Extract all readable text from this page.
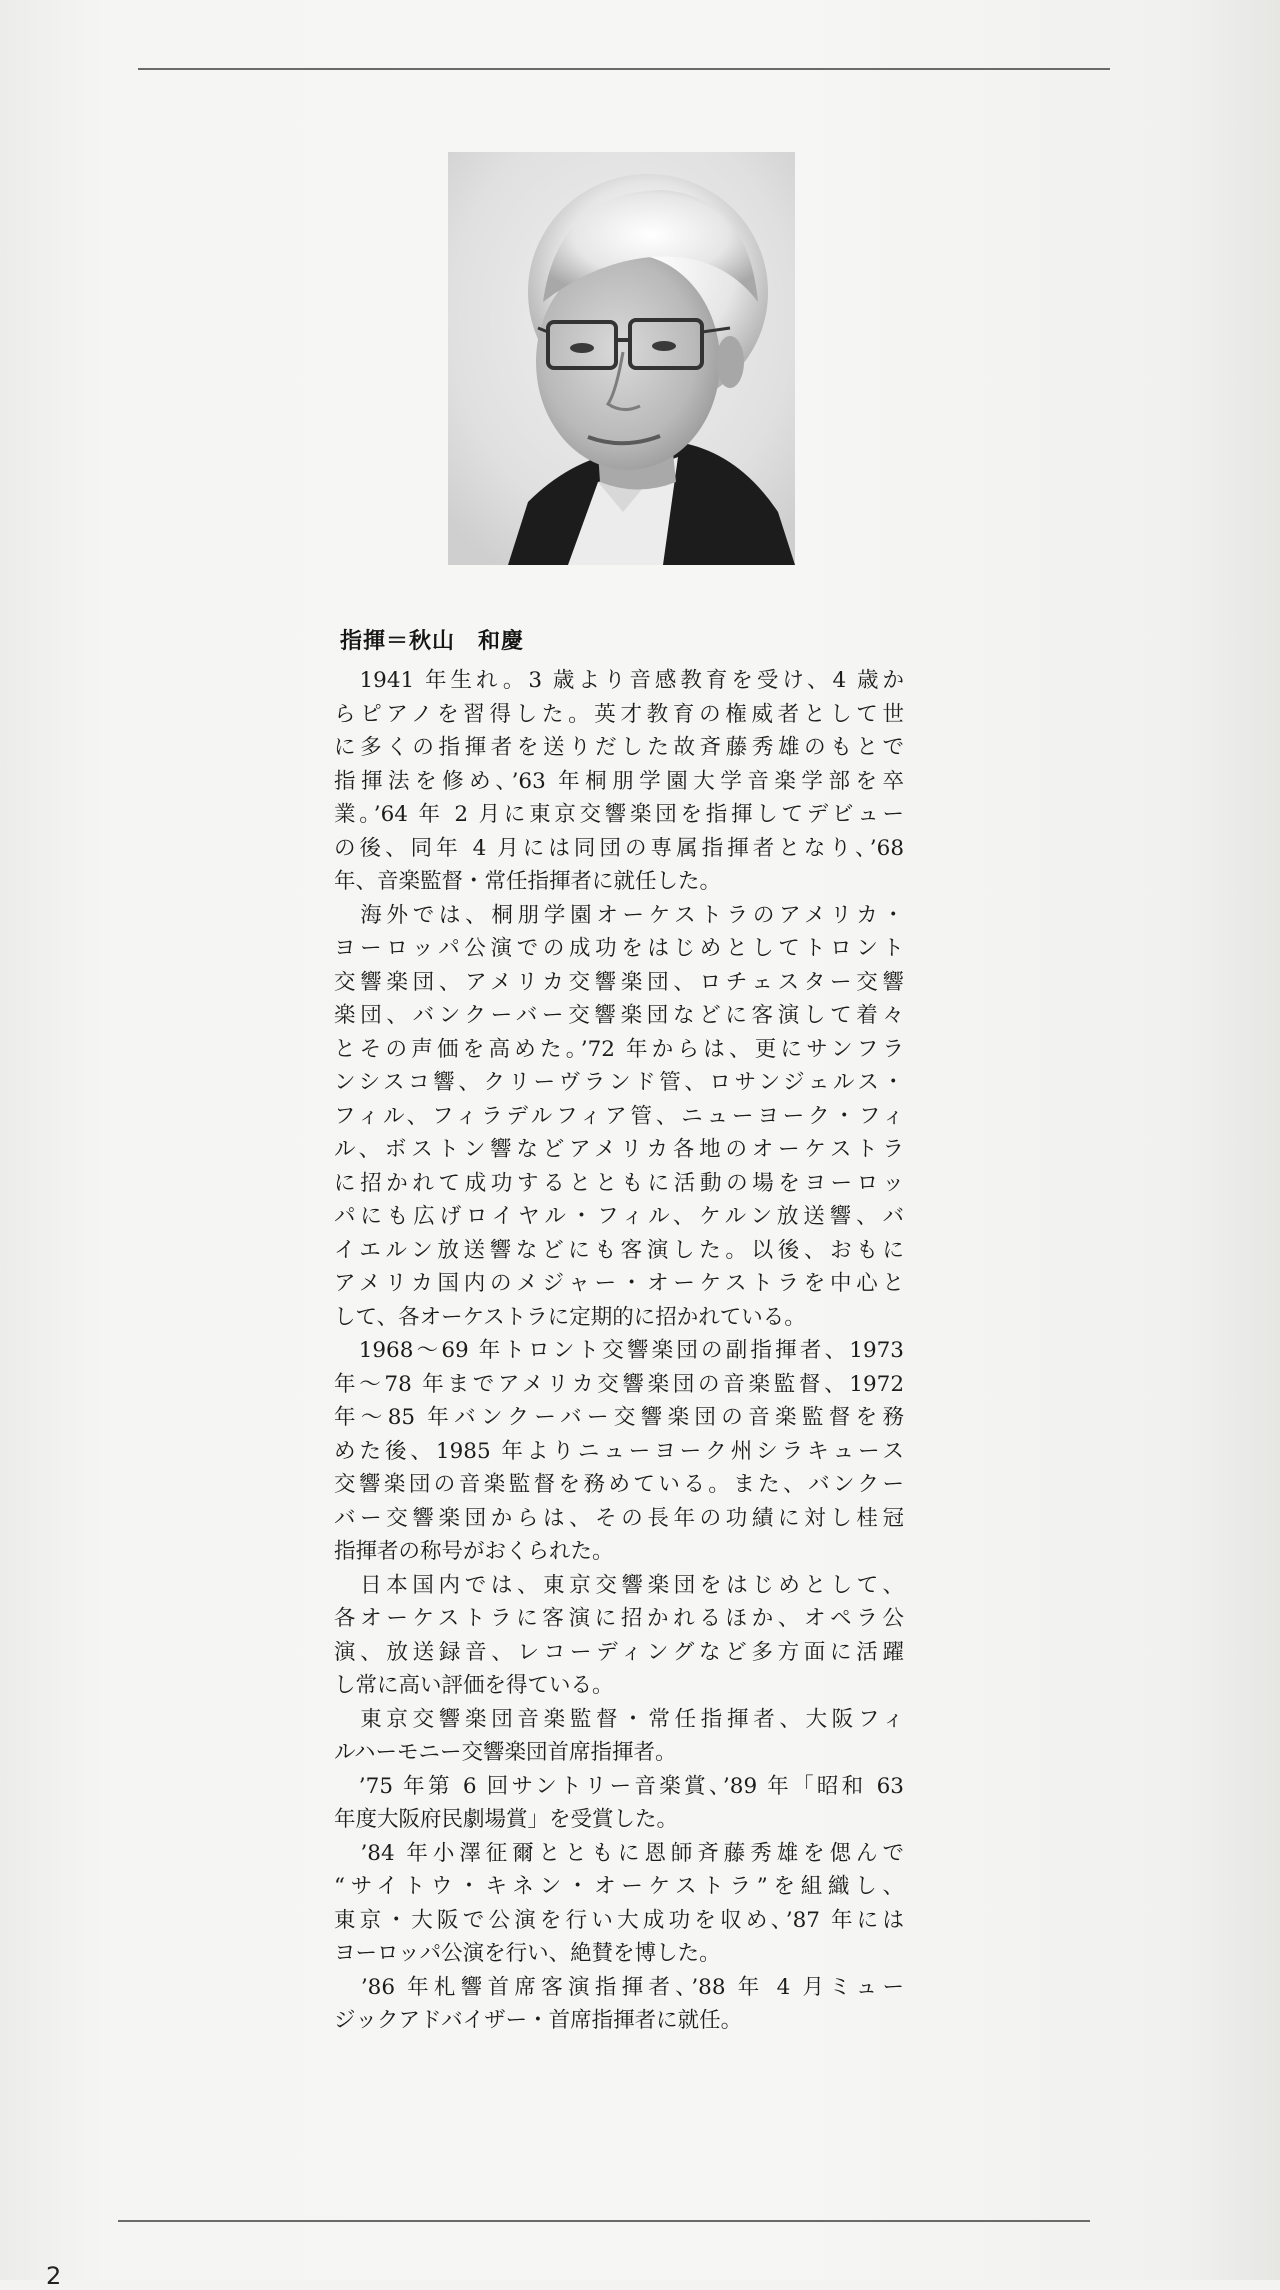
指揮＝秋山　和慶
　1941 年生れ。3 歳より音感教育を受け、4 歳か
らピアノを習得した。英才教育の権威者として世
に多くの指揮者を送りだした故斉藤秀雄のもとで
指揮法を修め、’63 年桐朋学園大学音楽学部を卒
業。’64 年 2 月に東京交響楽団を指揮してデビュー
の後、同年 4 月には同団の専属指揮者となり、’68
年、音楽監督・常任指揮者に就任した。
　海外では、桐朋学園オーケストラのアメリカ・
ヨーロッパ公演での成功をはじめとしてトロント
交響楽団、アメリカ交響楽団、ロチェスター交響
楽団、バンクーバー交響楽団などに客演して着々
とその声価を高めた。’72 年からは、更にサンフラ
ンシスコ響、クリーヴランド管、ロサンジェルス・
フィル、フィラデルフィア管、ニューヨーク・フィ
ル、ボストン響などアメリカ各地のオーケストラ
に招かれて成功するとともに活動の場をヨーロッ
パにも広げロイヤル・フィル、ケルン放送響、バ
イエルン放送響などにも客演した。以後、おもに
アメリカ国内のメジャー・オーケストラを中心と
して、各オーケストラに定期的に招かれている。
　1968～69 年トロント交響楽団の副指揮者、1973
年～78 年までアメリカ交響楽団の音楽監督、1972
年～85 年バンクーバー交響楽団の音楽監督を務
めた後、1985 年よりニューヨーク州シラキュース
交響楽団の音楽監督を務めている。また、バンクー
バー交響楽団からは、その長年の功績に対し桂冠
指揮者の称号がおくられた。
　日本国内では、東京交響楽団をはじめとして、
各オーケストラに客演に招かれるほか、オペラ公
演、放送録音、レコーディングなど多方面に活躍
し常に高い評価を得ている。
　東京交響楽団音楽監督・常任指揮者、大阪フィ
ルハーモニー交響楽団首席指揮者。
　’75 年第 6 回サントリー音楽賞、’89 年「昭和 63
年度大阪府民劇場賞」を受賞した。
　’84 年小澤征爾とともに恩師斉藤秀雄を偲んで
“サイトウ・キネン・オーケストラ”を組織し、
東京・大阪で公演を行い大成功を収め、’87 年には
ヨーロッパ公演を行い、絶賛を博した。
　’86 年札響首席客演指揮者、’88 年 4 月ミュー
ジックアドバイザー・首席指揮者に就任。
2
